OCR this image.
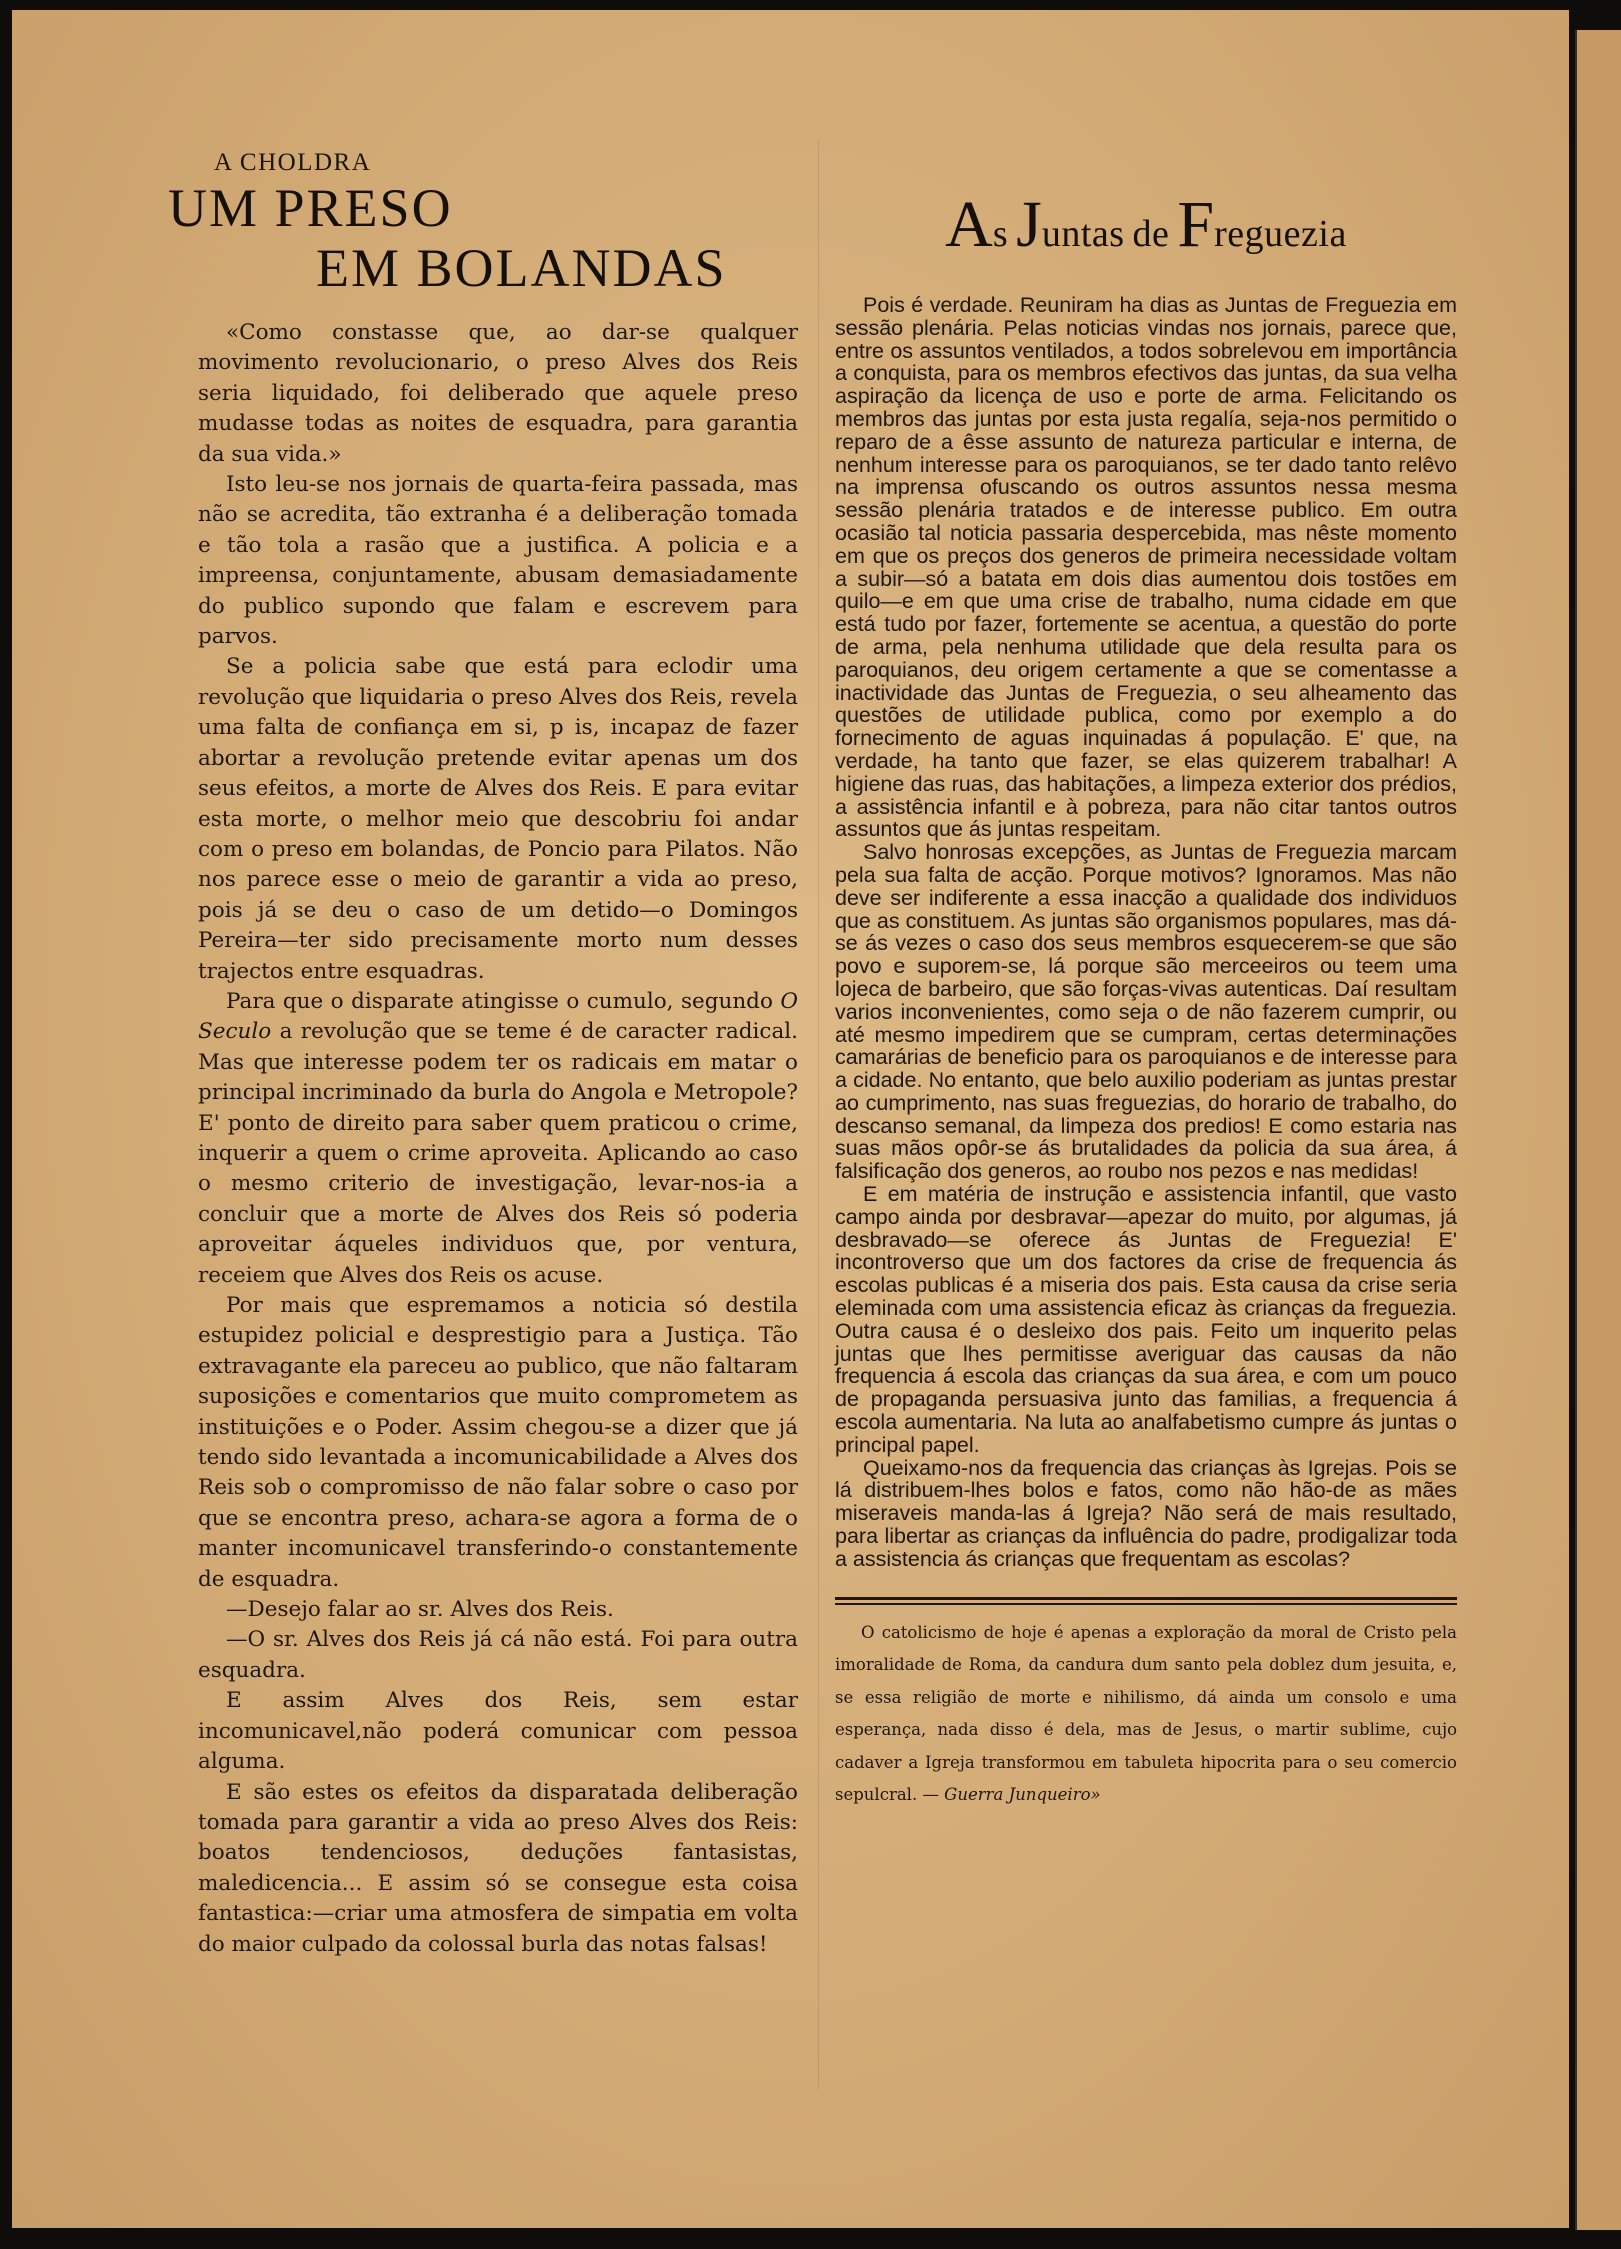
A CHOLDRA
UM PRESO
EM BOLANDAS

«Como constasse que, ao dar-se qualquer movimento revolucionario, o preso Alves dos Reis seria liquidado, foi deliberado que aquele preso mudasse todas as noites de esquadra, para garantia da sua vida.»

Isto leu-se nos jornais de quarta-feira passada, mas não se acredita, tão extranha é a deliberação tomada e tão tola a rasão que a justifica. A policia e a impreensa, conjuntamente, abusam demasiadamente do publico supondo que falam e escrevem para parvos.

Se a policia sabe que está para eclodir uma revolução que liquidaria o preso Alves dos Reis, revela uma falta de confiança em si, p is, incapaz de fazer abortar a revolução pretende evitar apenas um dos seus efeitos, a morte de Alves dos Reis. E para evitar esta morte, o melhor meio que descobriu foi andar com o preso em bolandas, de Poncio para Pilatos. Não nos parece esse o meio de garantir a vida ao preso, pois já se deu o caso de um detido—o Domingos Pereira—ter sido precisamente morto num desses trajectos entre esquadras.

Para que o disparate atingisse o cumulo, segundo O Seculo a revolução que se teme é de caracter radical. Mas que interesse podem ter os radicais em matar o principal incriminado da burla do Angola e Metropole? E' ponto de direito para saber quem praticou o crime, inquerir a quem o crime aproveita. Aplicando ao caso o mesmo criterio de investigação, levar-nos-ia a concluir que a morte de Alves dos Reis só poderia aproveitar áqueles individuos que, por ventura, receiem que Alves dos Reis os acuse.

Por mais que espremamos a noticia só destila estupidez policial e desprestigio para a Justiça. Tão extravagante ela pareceu ao publico, que não faltaram suposições e comentarios que muito comprometem as instituições e o Poder. Assim chegou-se a dizer que já tendo sido levantada a incomunicabilidade a Alves dos Reis sob o compromisso de não falar sobre o caso por que se encontra preso, achara-se agora a forma de o manter incomunicavel transferindo-o constantemente de esquadra.

—Desejo falar ao sr. Alves dos Reis.

—O sr. Alves dos Reis já cá não está. Foi para outra esquadra.

E assim Alves dos Reis, sem estar incomunicavel,não poderá comunicar com pessoa alguma.

E são estes os efeitos da disparatada deliberação tomada para garantir a vida ao preso Alves dos Reis: boatos tendenciosos, deduções fantasistas, maledicencia... E assim só se consegue esta coisa fantastica:—criar uma atmosfera de simpatia em volta do maior culpado da colossal burla das notas falsas!

As Juntas de Freguezia

Pois é verdade. Reuniram ha dias as Juntas de Freguezia em sessão plenária. Pelas noticias vindas nos jornais, parece que, entre os assuntos ventilados, a todos sobrelevou em importância a conquista, para os membros efectivos das juntas, da sua velha aspiração da licença de uso e porte de arma. Felicitando os membros das juntas por esta justa regalía, seja-nos permitido o reparo de a êsse assunto de natureza particular e interna, de nenhum interesse para os paroquianos, se ter dado tanto relêvo na imprensa ofuscando os outros assuntos nessa mesma sessão plenária tratados e de interesse publico. Em outra ocasião tal noticia passaria despercebida, mas nêste momento em que os preços dos generos de primeira necessidade voltam a subir—só a batata em dois dias aumentou dois tostões em quilo—e em que uma crise de trabalho, numa cidade em que está tudo por fazer, fortemente se acentua, a questão do porte de arma, pela nenhuma utilidade que dela resulta para os paroquianos, deu origem certamente a que se comentasse a inactividade das Juntas de Freguezia, o seu alheamento das questões de utilidade publica, como por exemplo a do fornecimento de aguas inquinadas á população. E' que, na verdade, ha tanto que fazer, se elas quizerem trabalhar! A higiene das ruas, das habitações, a limpeza exterior dos prédios, a assistência infantil e à pobreza, para não citar tantos outros assuntos que ás juntas respeitam.

Salvo honrosas excepções, as Juntas de Freguezia marcam pela sua falta de acção. Porque motivos? Ignoramos. Mas não deve ser indiferente a essa inacção a qualidade dos individuos que as constituem. As juntas são organismos populares, mas dá-se ás vezes o caso dos seus membros esquecerem-se que são povo e suporem-se, lá porque são merceeiros ou teem uma lojeca de barbeiro, que são forças-vivas autenticas. Daí resultam varios inconvenientes, como seja o de não fazerem cumprir, ou até mesmo impedirem que se cumpram, certas determinações camarárias de beneficio para os paroquianos e de interesse para a cidade. No entanto, que belo auxilio poderiam as juntas prestar ao cumprimento, nas suas freguezias, do horario de trabalho, do descanso semanal, da limpeza dos predios! E como estaria nas suas mãos opôr-se ás brutalidades da policia da sua área, á falsificação dos generos, ao roubo nos pezos e nas medidas!

E em matéria de instrução e assistencia infantil, que vasto campo ainda por desbravar—apezar do muito, por algumas, já desbravado—se oferece ás Juntas de Freguezia! E' incontroverso que um dos factores da crise de frequencia ás escolas publicas é a miseria dos pais. Esta causa da crise seria eleminada com uma assistencia eficaz às crianças da freguezia. Outra causa é o desleixo dos pais. Feito um inquerito pelas juntas que lhes permitisse averiguar das causas da não frequencia á escola das crianças da sua área, e com um pouco de propaganda persuasiva junto das familias, a frequencia á escola aumentaria. Na luta ao analfabetismo cumpre ás juntas o principal papel.

Queixamo-nos da frequencia das crianças às Igrejas. Pois se lá distribuem-lhes bolos e fatos, como não hão-de as mães miseraveis manda-las á Igreja? Não será de mais resultado, para libertar as crianças da influência do padre, prodigalizar toda a assistencia ás crianças que frequentam as escolas?

O catolicismo de hoje é apenas a exploração da moral de Cristo pela imoralidade de Roma, da candura dum santo pela doblez dum jesuita, e, se essa religião de morte e nihilismo, dá ainda um consolo e uma esperança, nada disso é dela, mas de Jesus, o martir sublime, cujo cadaver a Igreja transformou em tabuleta hipocrita para o seu comercio sepulcral. — Guerra Junqueiro»
